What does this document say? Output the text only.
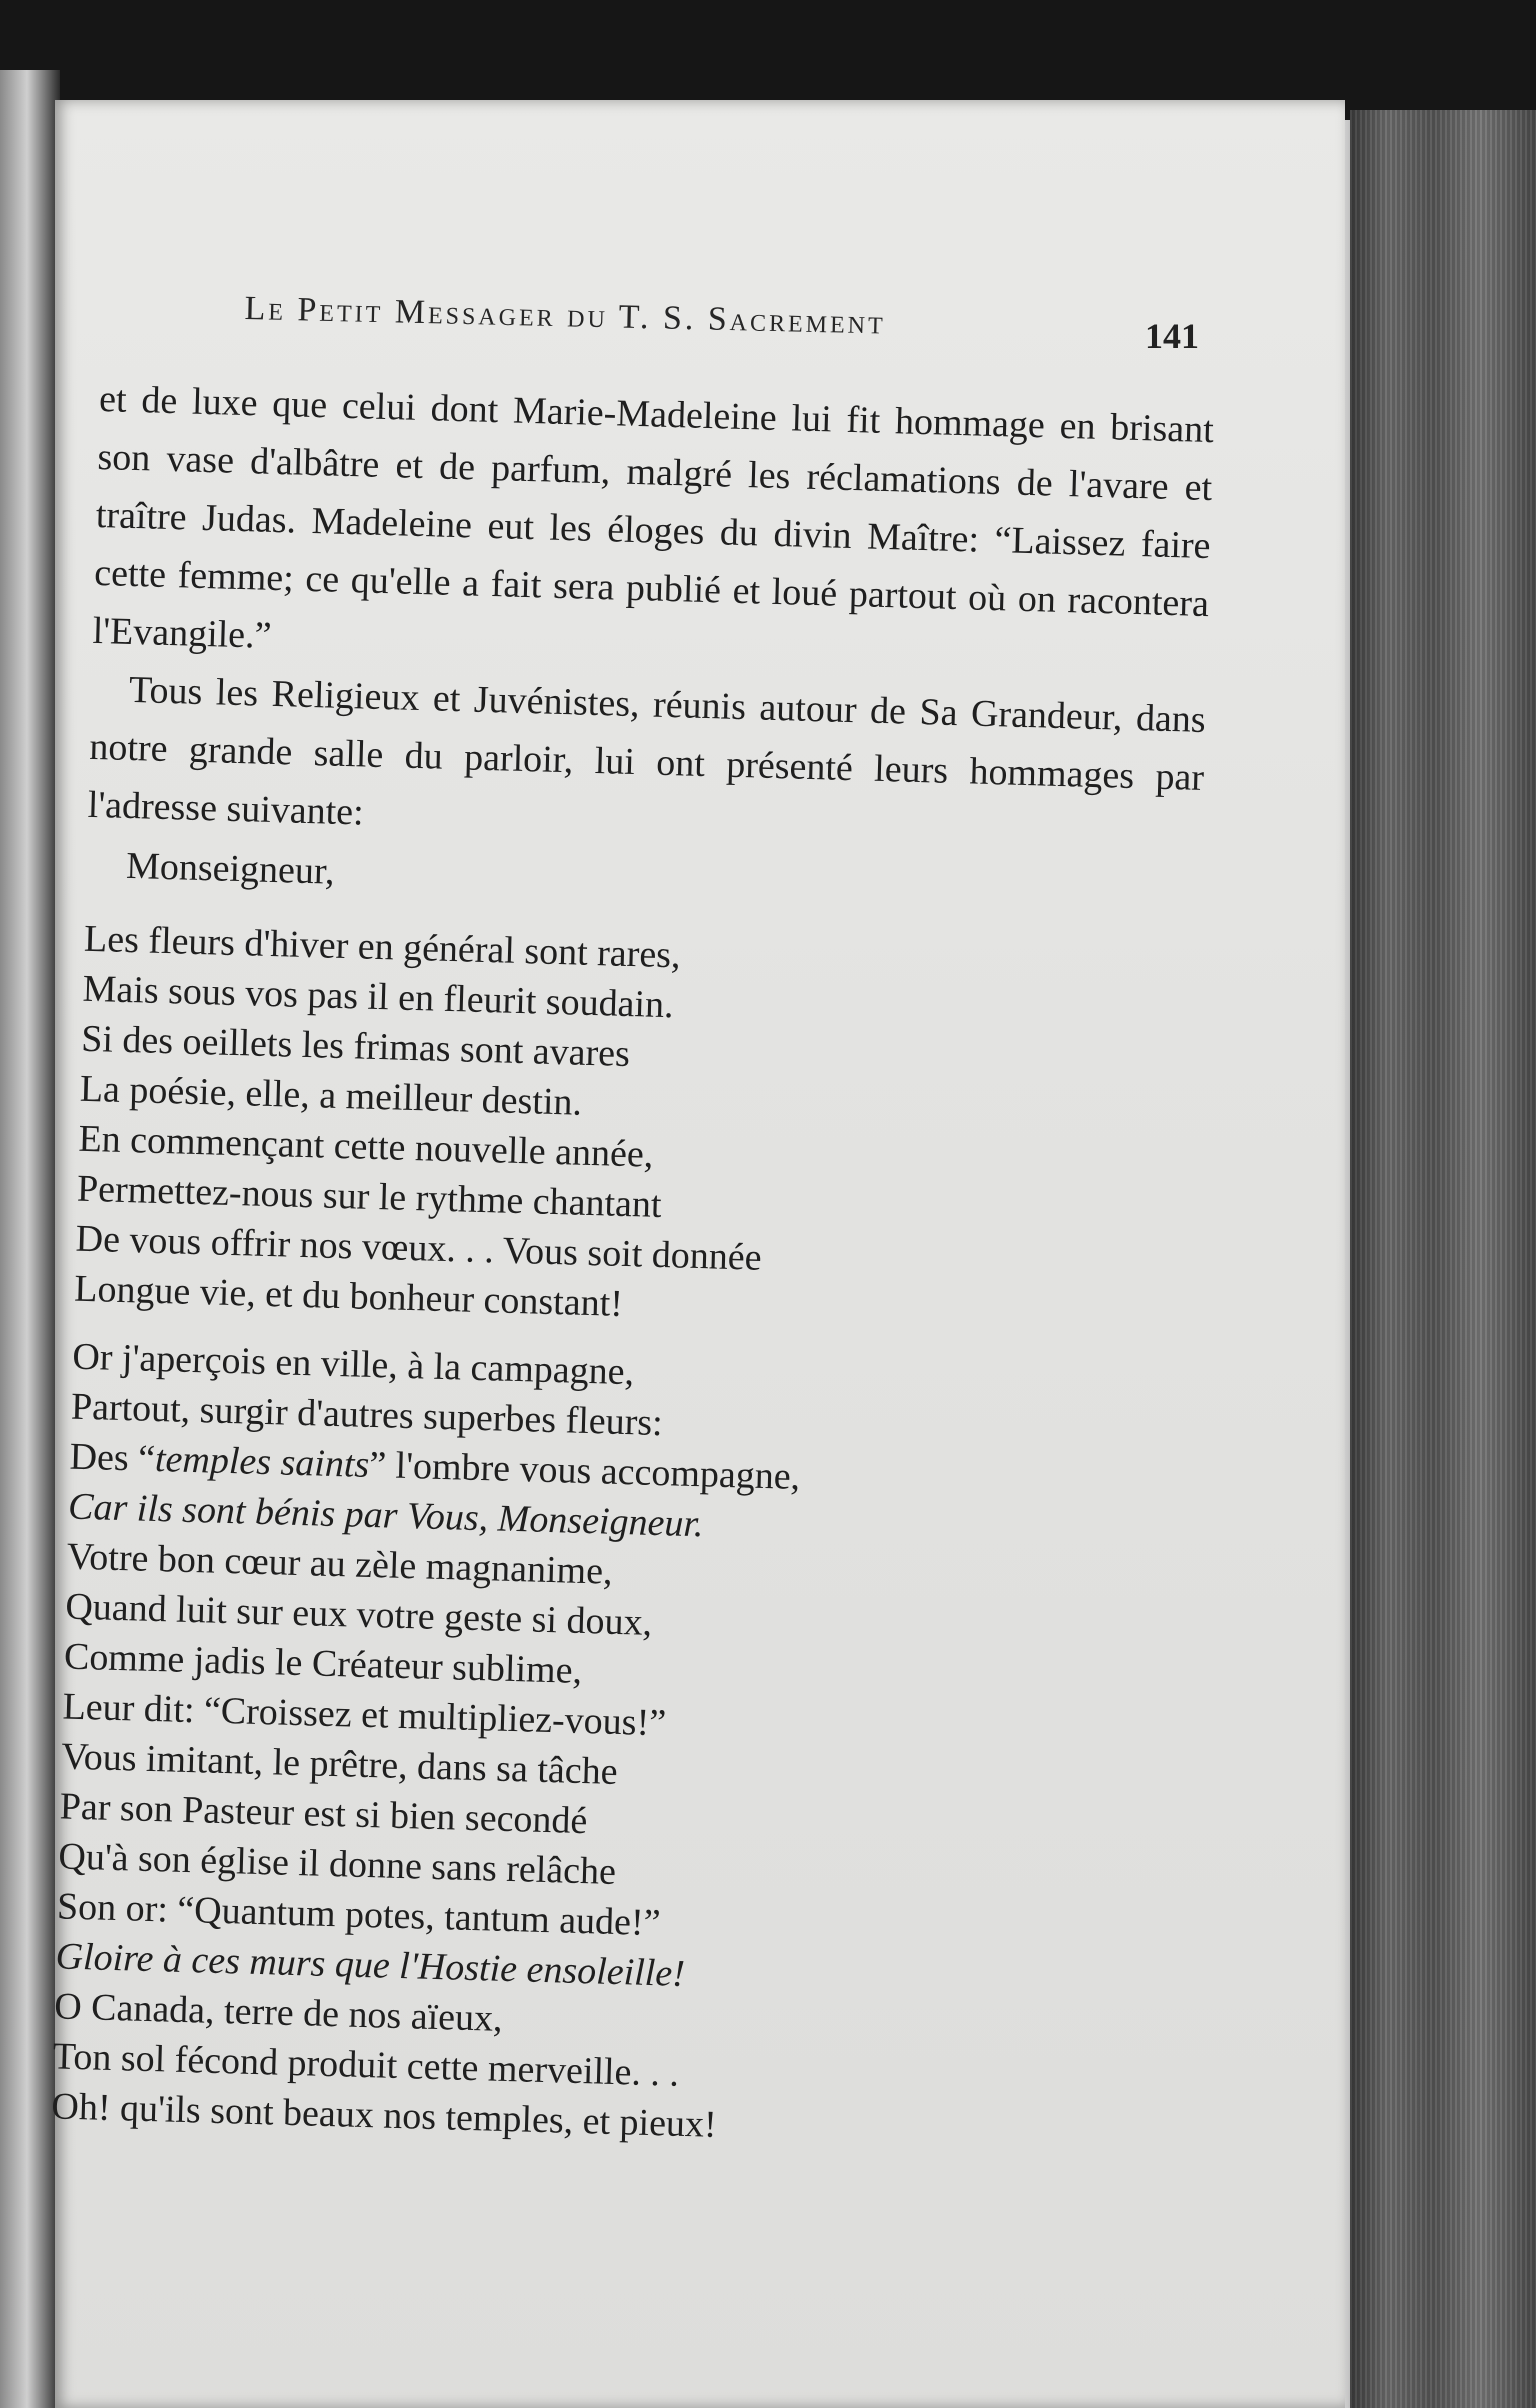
Le Petit Messager du T. S. Sacrement	141

et de luxe que celui dont Marie-Madeleine lui fit hommage en brisant son vase d'albâtre et de parfum, malgré les réclamations de l'avare et traître Judas. Madeleine eut les éloges du divin Maître: “Laissez faire cette femme; ce qu'elle a fait sera publié et loué partout où on racontera l'Evangile.”

Tous les Religieux et Juvénistes, réunis autour de Sa Grandeur, dans notre grande salle du parloir, lui ont présenté leurs hommages par l'adresse suivante:

Monseigneur,

Les fleurs d'hiver en général sont rares,

Mais sous vos pas il en fleurit soudain.

Si des oeillets les frimas sont avares

La poésie, elle, a meilleur destin.

En commençant cette nouvelle année,

Permettez-nous sur le rythme chantant

De vous offrir nos vœux. . . Vous soit donnée

Longue vie, et du bonheur constant!

Or j'aperçois en ville, à la campagne,

Partout, surgir d'autres superbes fleurs:

Des “temples saints” l'ombre vous accompagne,

Car ils sont bénis par Vous, Monseigneur.

Votre bon cœur au zèle magnanime,

Quand luit sur eux votre geste si doux,

Comme jadis le Créateur sublime,

Leur dit: “Croissez et multipliez-vous!”

Vous imitant, le prêtre, dans sa tâche

Par son Pasteur est si bien secondé

Qu'à son église il donne sans relâche

Son or: “Quantum potes, tantum aude!”

Gloire à ces murs que l'Hostie ensoleille!

O Canada, terre de nos aïeux,

Ton sol fécond produit cette merveille. . .

Oh! qu'ils sont beaux nos temples, et pieux!
